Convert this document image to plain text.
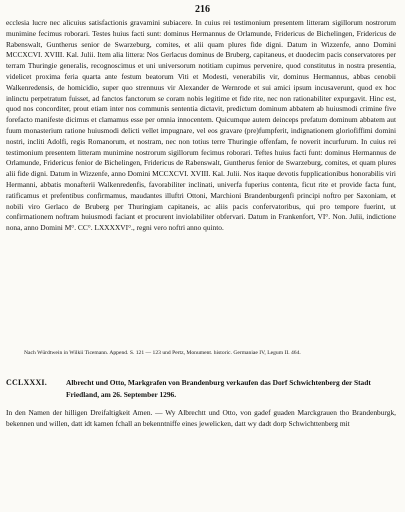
216

ecclesia lucre nec alicuius satisfactionis gravamini subiacere. In cuius rei testimonium presentem litteram sigillorum nostrorum munimine fecimus roborari. Testes huius facti sunt: dominus Hermannus de Orlamunde, Fridericus de Bichelingen, Fridericus de Rabenswalt, Guntherus senior de Swarzeburg, comites, et alii quam plures fide digni. Datum in Wizzenfe, anno Domini MCCXCVI. XVIII. Kal. Julii. Item alia littera: Nos Gerlacus dominus de Bruberg, capitaneus, et duodecim pacis conservatores per terram Thuringie generalis, recognoscimus et uni universorum notitiam cupimus pervenire, quod constitutus in nostra presentia, videlicet proxima feria quarta ante festum beatorum Viti et Modesti, venerabilis vir, dominus Hermannus, abbas cenobii Walkenredensis, de homicidio, super quo strennuus vir Alexander de Wernrode et sui amici ipsum incusaverunt, quod ex hoc inlinctu perpetratum fuisset, ad fanctos fanctorum se coram nobis legitime et fide rite, nec non rationabiliter expurgavit. Hinc est, quod nos concorditer, prout etiam inter nos communis sententia dictavit, predictum dominum abbatem ab huiusmodi crimine five forefacto manifeste dicimus et clamamus esse per omnia innocentem. Quicumque autem deinceps prefatum dominum abbatem aut fuum monasterium ratione huiusmodi delicti vellet impugnare, vel eos gravare (pre)fumpferit, indignationem gloriofiffimi domini nostri, incliti Adolfi, regis Romanorum, et nostram, nec non totius terre Thuringie offenfam, fe noverit incurfurum. In cuius rei testimonium presentem litteram munimine nostrorum sigillorum fecimus roborari. Teftes huius facti funt: dominus Hermannus de Orlamunde, Fridericus fenior de Bichelingen, Fridericus de Rabenswalt, Guntherus fenior de Swarzeburg, comites, et quam plures alii fide digni. Datum in Wizzenfe, anno Domini MCCXCVI. XVIII. Kal. Julii. Nos itaque devotis fupplicationibus honorabilis viri Hermanni, abbatis monafterii Walkenredenfis, favorabiliter inclinati, univerfa fuperius contenta, ficut rite et provide facta funt, ratificamus et prefentibus confirmamus, maudantes illuftri Ottoni, Marchioni Brandenburgenfi principi noftro per Saxoniam, et nobili viro Gerlaco de Bruberg per Thuringiam capitaneis, ac aliis pacis confervatoribus, qui pro tempore fuerint, ut confirmationem noftram huiusmodi faciant et procurent inviolabiliter obfervari. Datum in Frankenfort, VI°. Non. Julii, indictione nona, anno Domini M°. CC°. LXXXXVI°., regni vero noftri anno quinto.

Nach Würdtwein in Wilkii Ticemann. Append. S. 121 — 123 und Pertz, Monument. historic. Germaniae IV, Legum II. 464.

CCLXXXI.	Albrecht und Otto, Markgrafen von Brandenburg verkaufen das Dorf Schwichtenberg der Stadt Friedland, am 26. September 1296.

In den Namen der hilligen Dreifaltigkeit Amen. — Wy Albrechtt und Otto, von gadef guaden Marckgrauen tho Brandenburgk, bekennen und willen, datt idt kamen fchall an bekenntniffe eines jewelicken, datt wy dadt dorp Schwichttenberg mit
